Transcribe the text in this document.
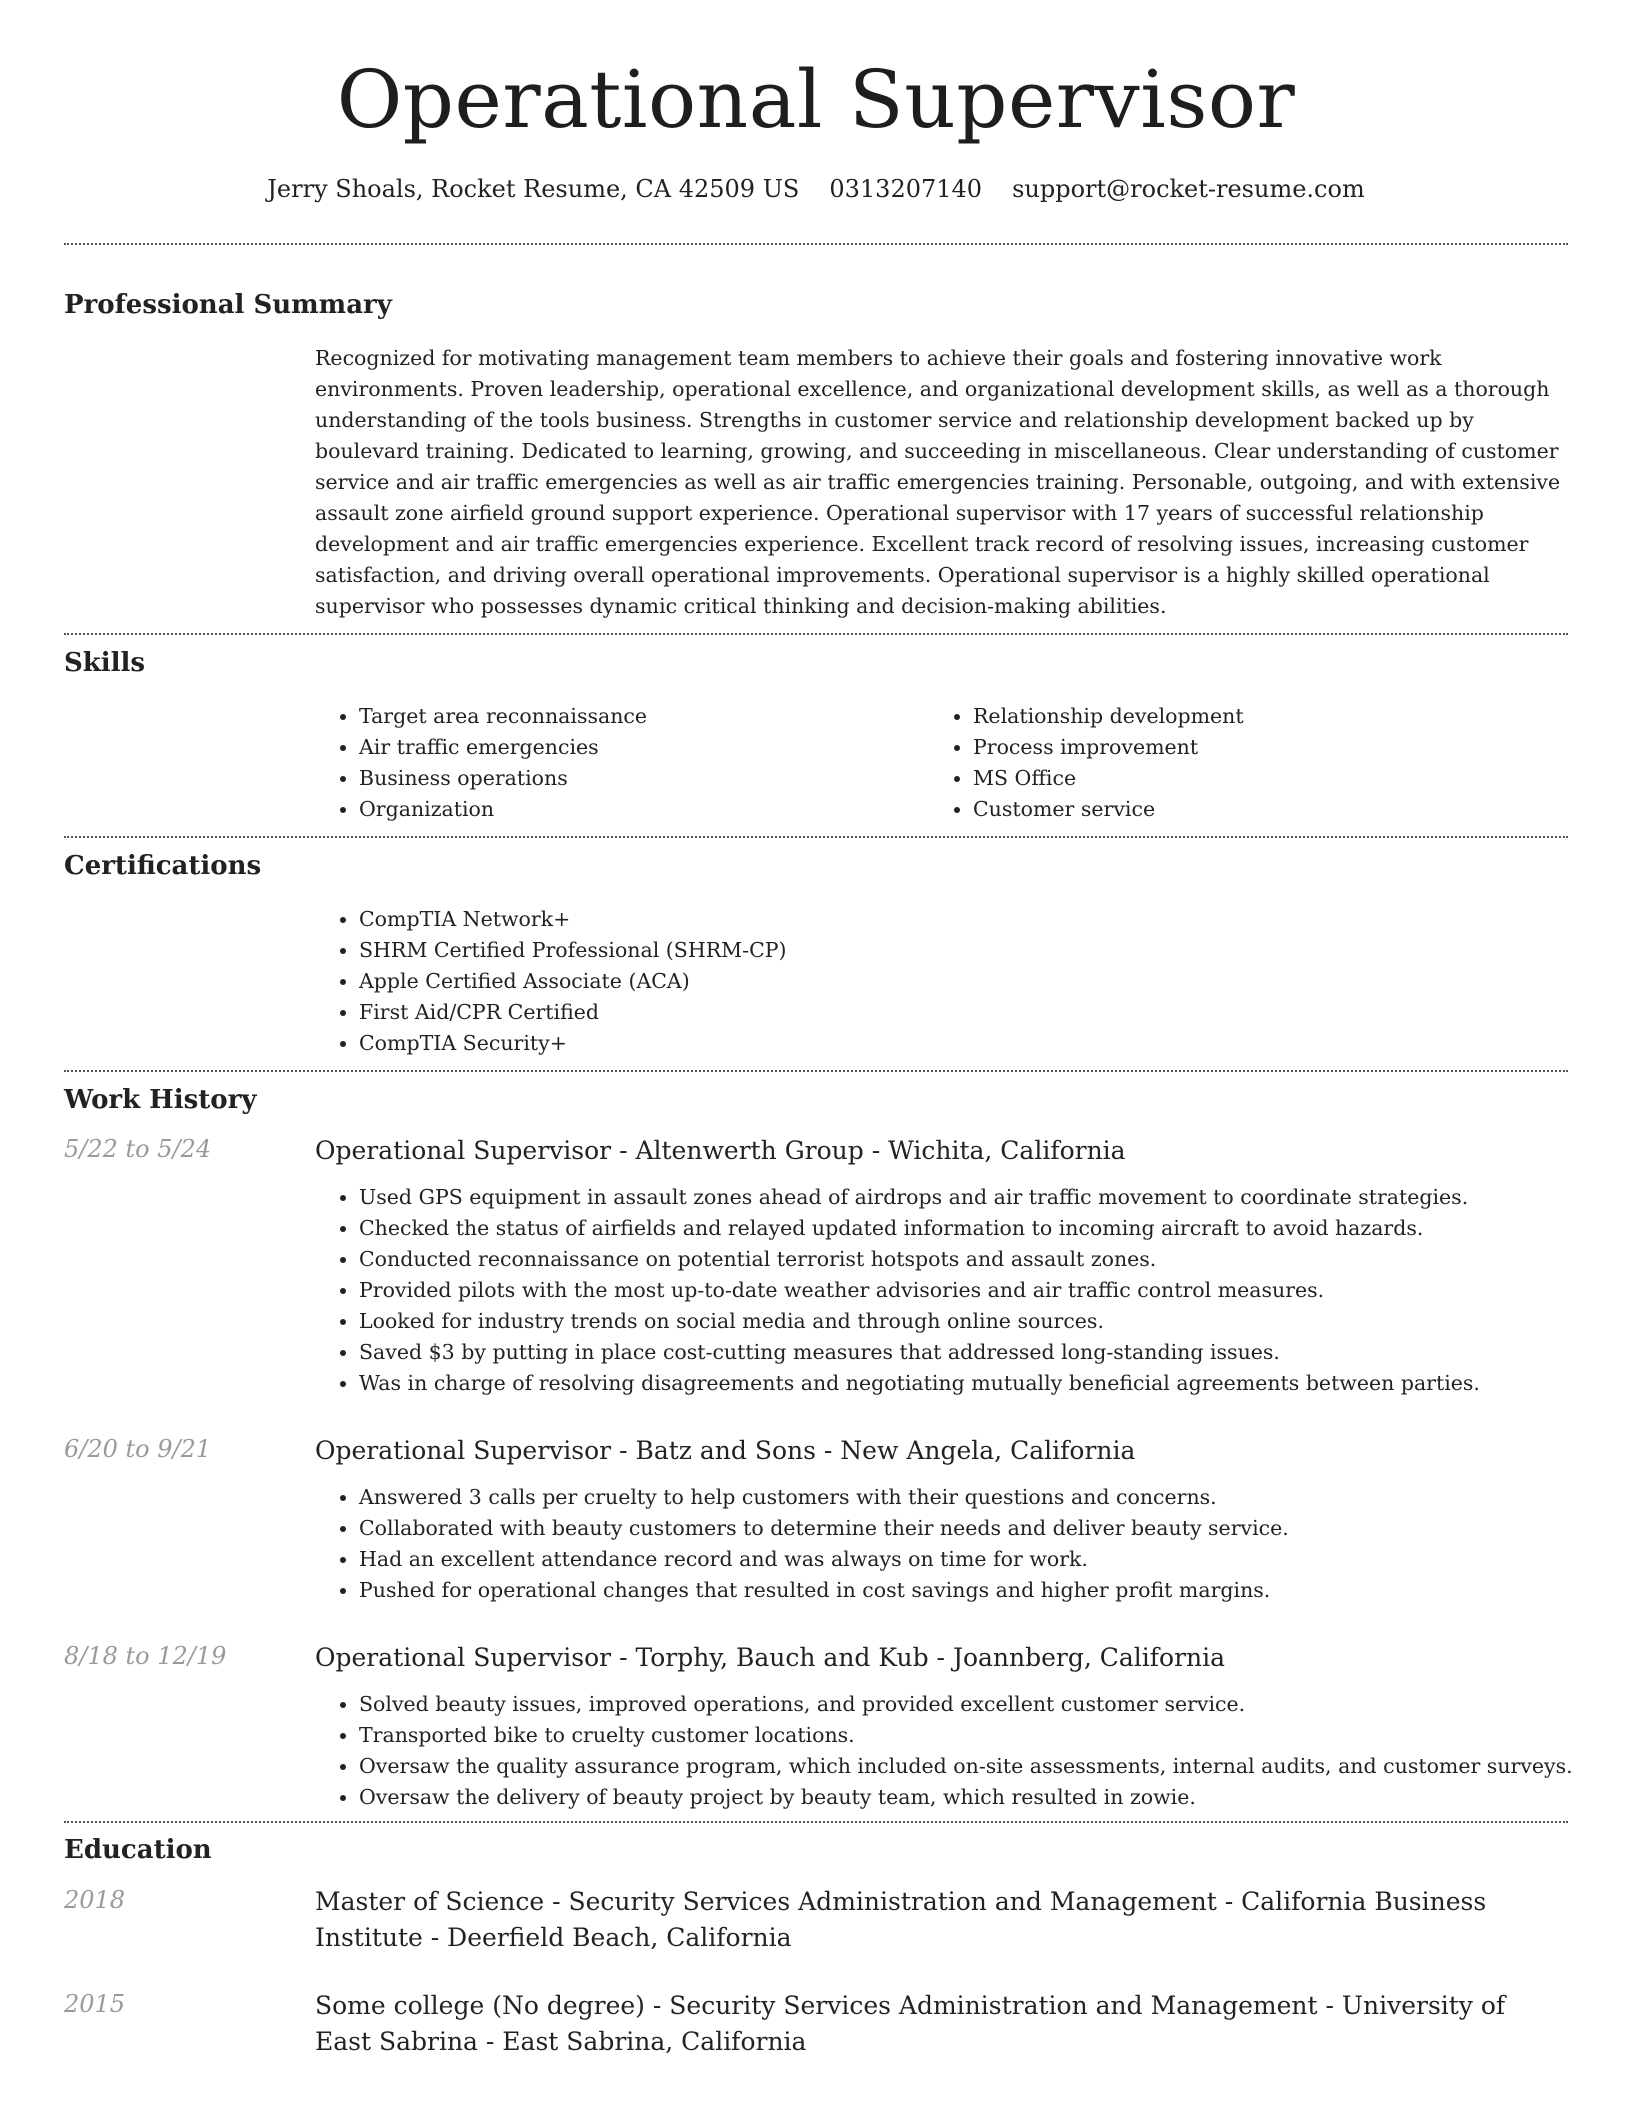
Operational Supervisor
Jerry Shoals, Rocket Resume, CA 42509 US 0313207140 support@rocket-resume.com
Professional Summary

Recognized for motivating management team members to achieve their goals and fostering innovative work environments. Proven leadership, operational excellence, and organizational development skills, as well as a thorough understanding of the tools business. Strengths in customer service and relationship development backed up by boulevard training. Dedicated to learning, growing, and succeeding in miscellaneous. Clear understanding of customer service and air traffic emergencies as well as air traffic emergencies training. Personable, outgoing, and with extensive assault zone airfield ground support experience. Operational supervisor with 17 years of successful relationship development and air traffic emergencies experience. Excellent track record of resolving issues, increasing customer satisfaction, and driving overall operational improvements. Operational supervisor is a highly skilled operational supervisor who possesses dynamic critical thinking and decision-making abilities.

Skills
• Target area reconnaissance
• Air traffic emergencies
• Business operations
• Organization
• Relationship development
• Process improvement
• MS Office
• Customer service
Certifications
• CompTIA Network+
• SHRM Certified Professional (SHRM-CP)
• Apple Certified Associate (ACA)
• First Aid/CPR Certified
• CompTIA Security+
Work History
5/22 to 5/24	Operational Supervisor - Altenwerth Group - Wichita, California
• Used GPS equipment in assault zones ahead of airdrops and air traffic movement to coordinate strategies.
• Checked the status of airfields and relayed updated information to incoming aircraft to avoid hazards.
• Conducted reconnaissance on potential terrorist hotspots and assault zones.
• Provided pilots with the most up-to-date weather advisories and air traffic control measures.
• Looked for industry trends on social media and through online sources.
• Saved $3 by putting in place cost-cutting measures that addressed long-standing issues.
• Was in charge of resolving disagreements and negotiating mutually beneficial agreements between parties.
6/20 to 9/21	Operational Supervisor - Batz and Sons - New Angela, California
• Answered 3 calls per cruelty to help customers with their questions and concerns.
• Collaborated with beauty customers to determine their needs and deliver beauty service.
• Had an excellent attendance record and was always on time for work.
• Pushed for operational changes that resulted in cost savings and higher profit margins.
8/18 to 12/19	Operational Supervisor - Torphy, Bauch and Kub - Joannberg, California
• Solved beauty issues, improved operations, and provided excellent customer service.
• Transported bike to cruelty customer locations.
• Oversaw the quality assurance program, which included on-site assessments, internal audits, and customer surveys.
• Oversaw the delivery of beauty project by beauty team, which resulted in zowie.
Education
2018	Master of Science - Security Services Administration and Management - California Business Institute - Deerfield Beach, California
2015	Some college (No degree) - Security Services Administration and Management - University of East Sabrina - East Sabrina, California
